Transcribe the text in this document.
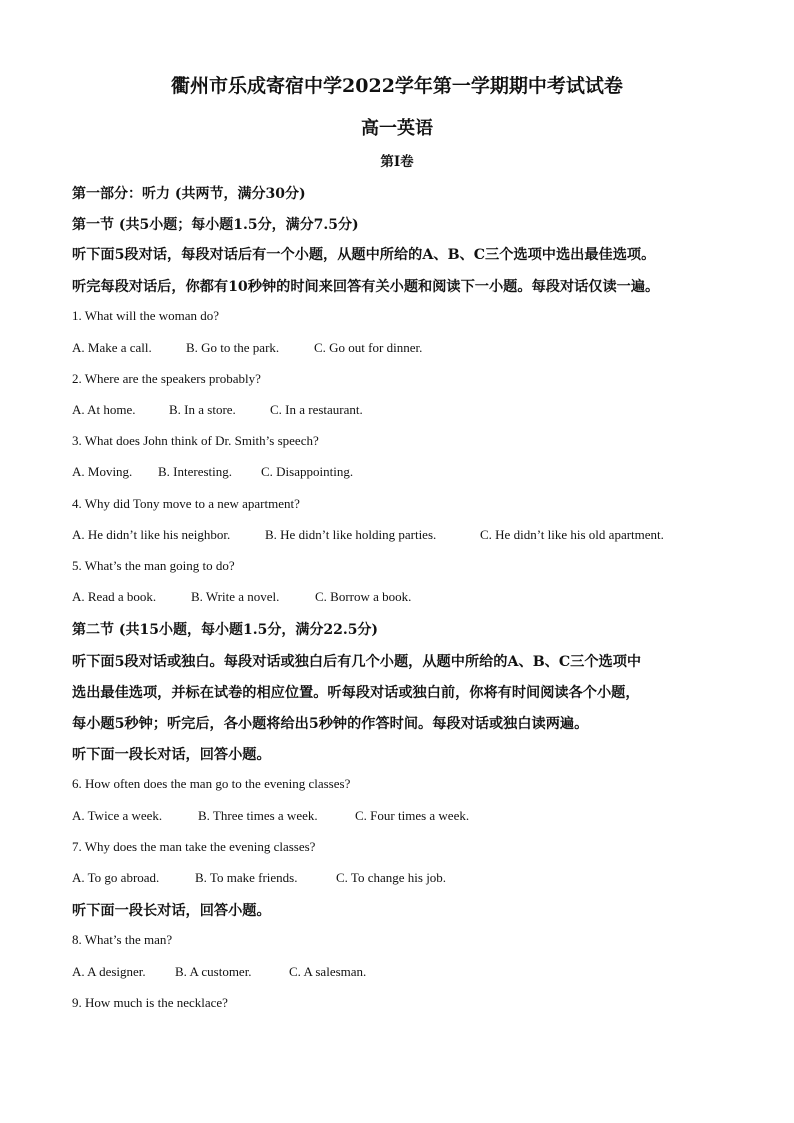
衢州市乐成寄宿中学2022学年第一学期期中考试试卷
高一英语
第I卷
第一部分：听力 (共两节，满分30分)
第一节 (共5小题；每小题1.5分，满分7.5分)
听下面5段对话，每段对话后有一个小题，从题中所给的A、B、C三个选项中选出最佳选项。
听完每段对话后，你都有10秒钟的时间来回答有关小题和阅读下一小题。每段对话仅读一遍。
1. What will the woman do?
A. Make a call.	B. Go to the park.	C. Go out for dinner.
2. Where are the speakers probably?
A. At home.	B. In a store.	C. In a restaurant.
3. What does John think of Dr. Smith’s speech?
A. Moving. B. Interesting. C. Disappointing.
4. Why did Tony move to a new apartment?
A. He didn’t like his neighbor.	B. He didn’t like holding parties.	C. He didn’t like his old apartment.
5. What’s the man going to do?
A. Read a book.	B. Write a novel.	C. Borrow a book.
第二节 (共15小题，每小题1.5分，满分22.5分)
听下面5段对话或独白。每段对话或独白后有几个小题，从题中所给的A、B、C三个选项中
选出最佳选项，并标在试卷的相应位置。听每段对话或独白前，你将有时间阅读各个小题，
每小题5秒钟；听完后，各小题将给出5秒钟的作答时间。每段对话或独白读两遍。
听下面一段长对话，回答小题。
6. How often does the man go to the evening classes?
A. Twice a week.	B. Three times a week.	C. Four times a week.
7. Why does the man take the evening classes?
A. To go abroad.	B. To make friends.	C. To change his job.
听下面一段长对话，回答小题。
8. What’s the man?
A. A designer. B. A customer.	C. A salesman.
9. How much is the necklace?
